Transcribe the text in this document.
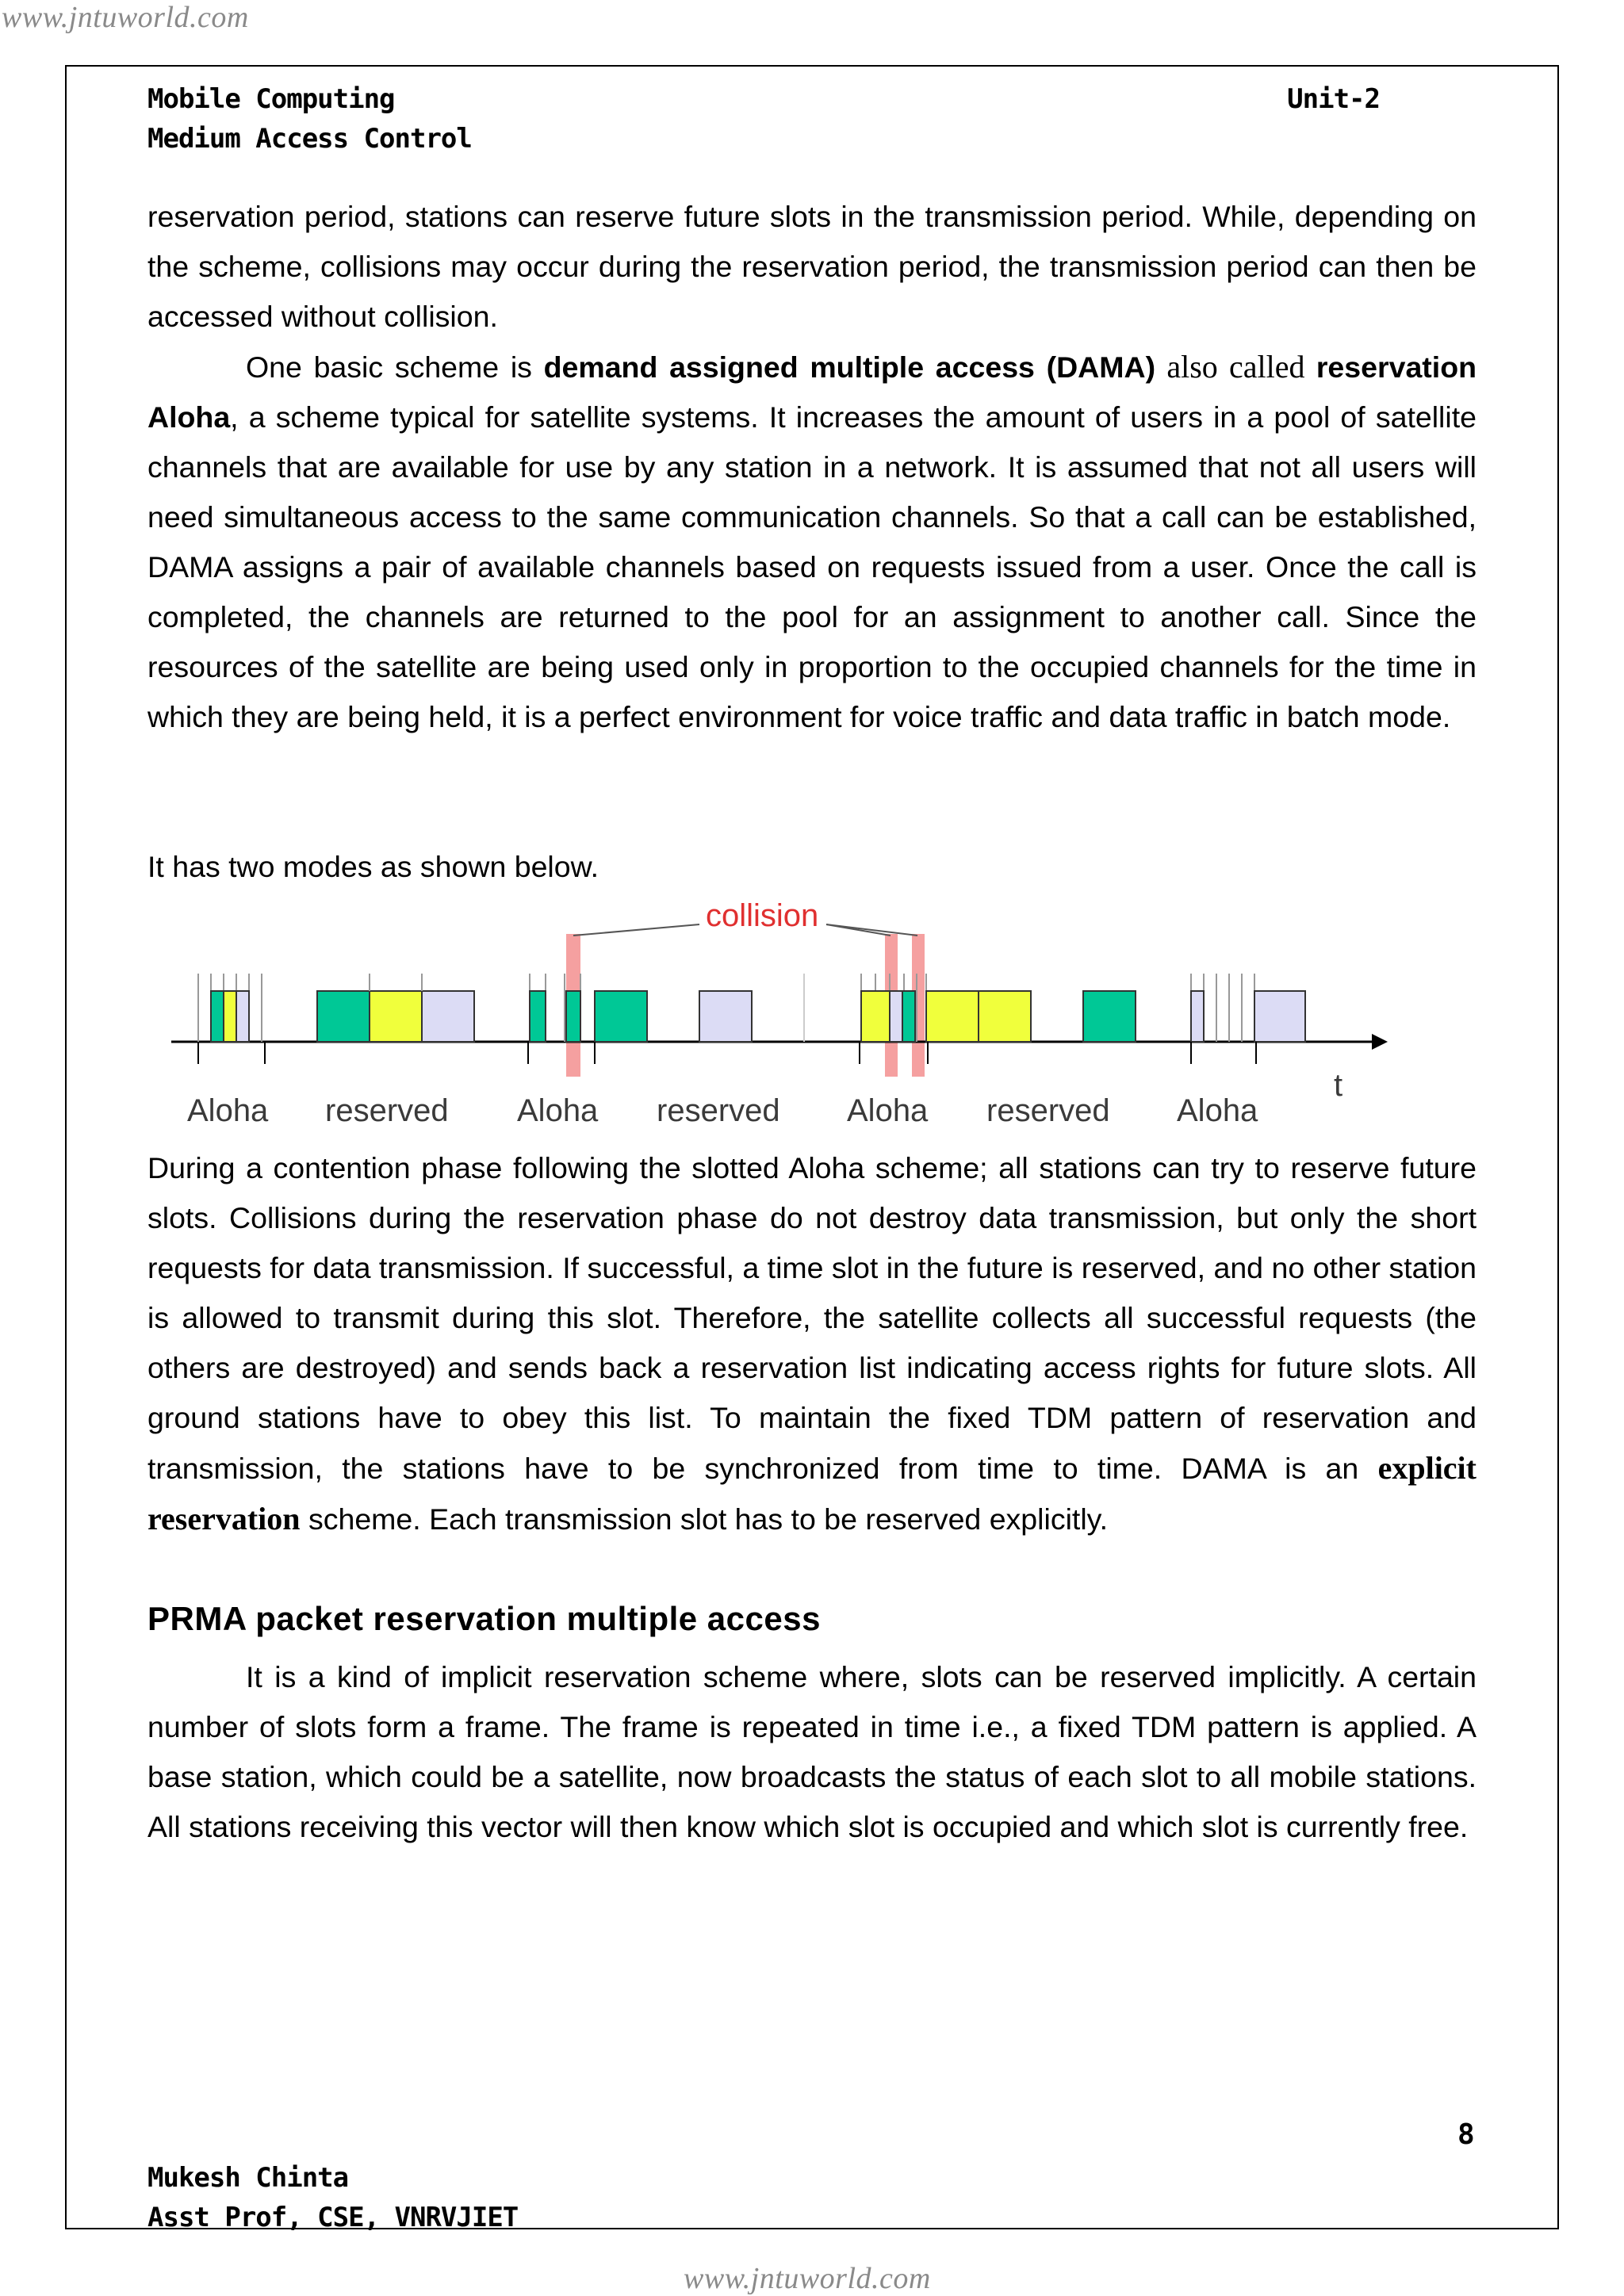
www.jntuworld.com
Mobile Computing
Medium Access Control
Unit-2

reservation period, stations can reserve future slots in the transmission period. While, depending on the scheme, collisions may occur during the reservation period, the transmission period can then be accessed without collision.

One basic scheme is demand assigned multiple access (DAMA) also called reservation Aloha, a scheme typical for satellite systems. It increases the amount of users in a pool of satellite channels that are available for use by any station in a network. It is assumed that not all users will need simultaneous access to the same communication channels. So that a call can be established, DAMA assigns a pair of available channels based on requests issued from a user. Once the call is completed, the channels are returned to the pool for an assignment to another call. Since the resources of the satellite are being used only in proportion to the occupied channels for the time in which they are being held, it is a perfect environment for voice traffic and data traffic in batch mode.

It has two modes as shown below.
collision
Aloha reserved Aloha reserved Aloha reserved Aloha
t

During a contention phase following the slotted Aloha scheme; all stations can try to reserve future slots. Collisions during the reservation phase do not destroy data transmission, but only the short requests for data transmission. If successful, a time slot in the future is reserved, and no other station is allowed to transmit during this slot. Therefore, the satellite collects all successful requests (the others are destroyed) and sends back a reservation list indicating access rights for future slots. All ground stations have to obey this list. To maintain the fixed TDM pattern of reservation and transmission, the stations have to be synchronized from time to time. DAMA is an explicit reservation scheme. Each transmission slot has to be reserved explicitly.

PRMA packet reservation multiple access

It is a kind of implicit reservation scheme where, slots can be reserved implicitly. A certain number of slots form a frame. The frame is repeated in time i.e., a fixed TDM pattern is applied. A base station, which could be a satellite, now broadcasts the status of each slot to all mobile stations. All stations receiving this vector will then know which slot is occupied and which slot is currently free.

8
Mukesh Chinta
Asst Prof, CSE, VNRVJIET
www.jntuworld.com
